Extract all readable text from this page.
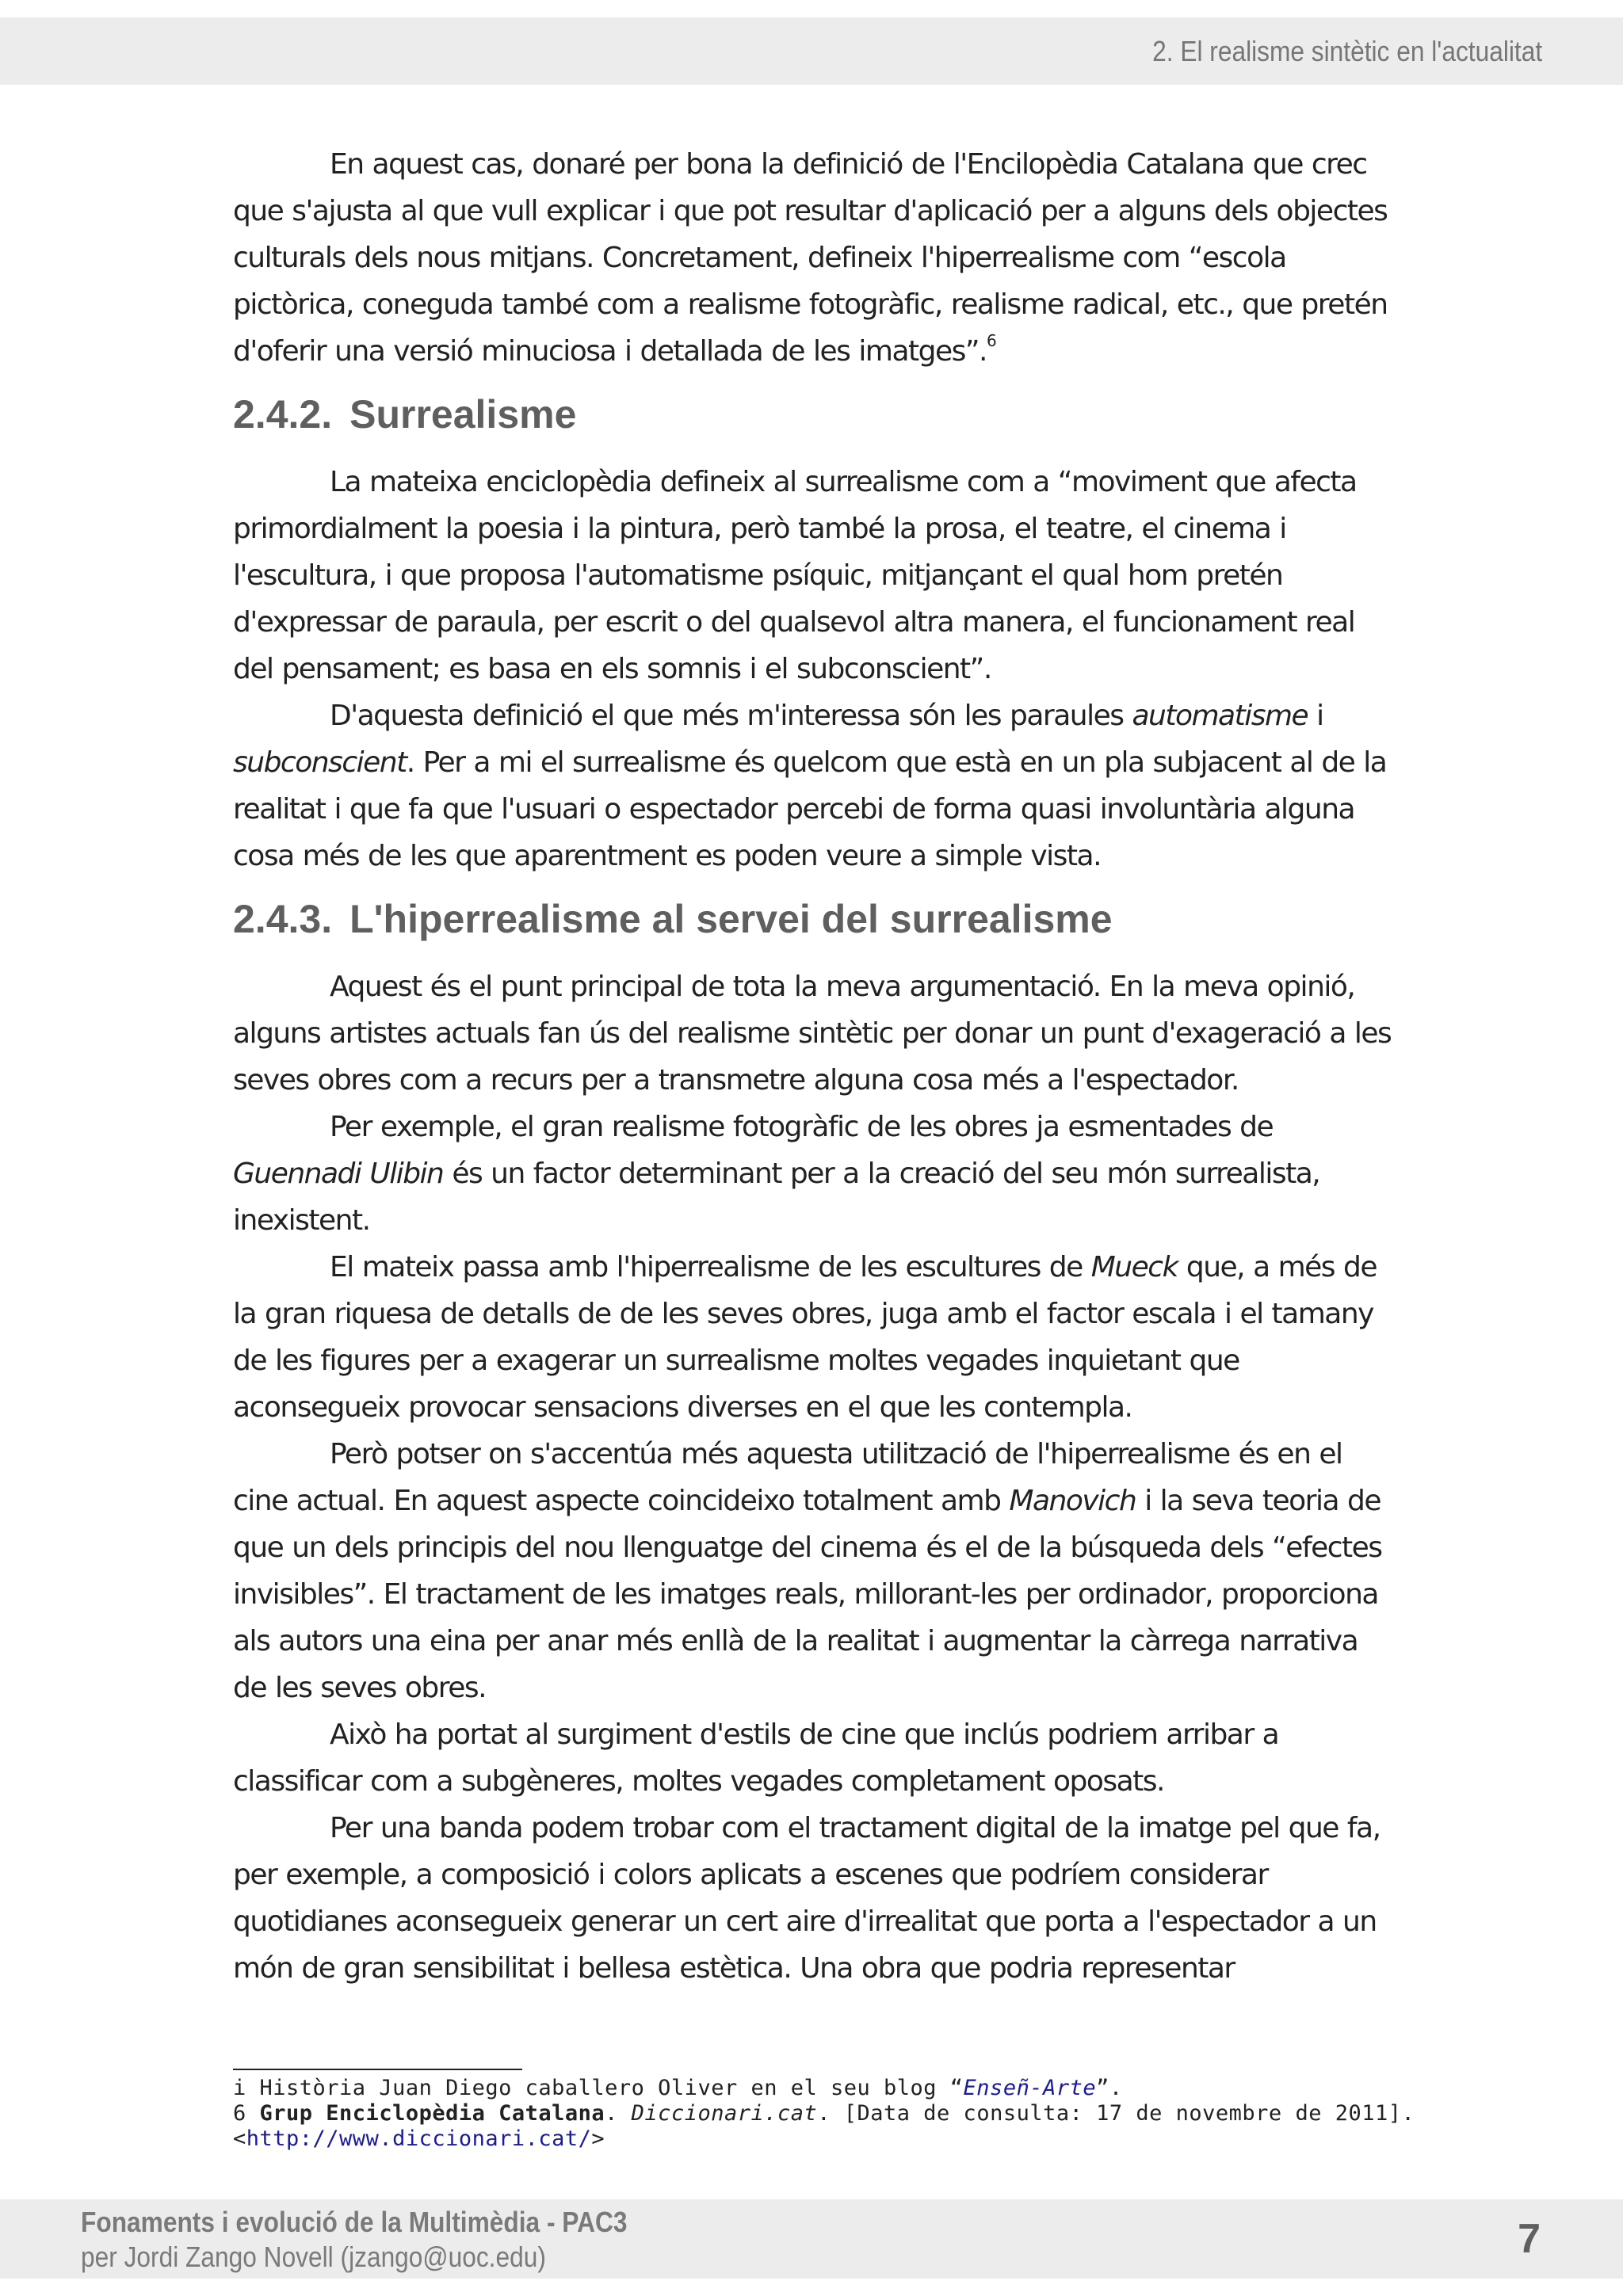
2. El realisme sintètic en l'actualitat

En aquest cas, donaré per bona la definició de l'Encilopèdia Catalana que crec que s'ajusta al que vull explicar i que pot resultar d'aplicació per a alguns dels objectes culturals dels nous mitjans. Concretament, defineix l'hiperrealisme com “escola pictòrica, coneguda també com a realisme fotogràfic, realisme radical, etc., que pretén d'oferir una versió minuciosa i detallada de les imatges”.$^6$

2.4.2. Surrealisme

La mateixa enciclopèdia defineix al surrealisme com a “moviment que afecta primordialment la poesia i la pintura, però també la prosa, el teatre, el cinema i l'escultura, i que proposa l'automatisme psíquic, mitjançant el qual hom pretén d'expressar de paraula, per escrit o del qualsevol altra manera, el funcionament real del pensament; es basa en els somnis i el subconscient”.

D'aquesta definició el que més m'interessa són les paraules automatisme i subconscient. Per a mi el surrealisme és quelcom que està en un pla subjacent al de la realitat i que fa que l'usuari o espectador percebi de forma quasi involuntària alguna cosa més de les que aparentment es poden veure a simple vista.

2.4.3. L'hiperrealisme al servei del surrealisme

Aquest és el punt principal de tota la meva argumentació. En la meva opinió, alguns artistes actuals fan ús del realisme sintètic per donar un punt d'exageració a les seves obres com a recurs per a transmetre alguna cosa més a l'espectador.

Per exemple, el gran realisme fotogràfic de les obres ja esmentades de Guennadi Ulibin és un factor determinant per a la creació del seu món surrealista, inexistent.

El mateix passa amb l'hiperrealisme de les escultures de Mueck que, a més de la gran riquesa de detalls de de les seves obres, juga amb el factor escala i el tamany de les figures per a exagerar un surrealisme moltes vegades inquietant que aconsegueix provocar sensacions diverses en el que les contempla.

Però potser on s'accentúa més aquesta utilització de l'hiperrealisme és en el cine actual. En aquest aspecte coincideixo totalment amb Manovich i la seva teoria de que un dels principis del nou llenguatge del cinema és el de la búsqueda dels “efectes invisibles”. El tractament de les imatges reals, millorant-les per ordinador, proporciona als autors una eina per anar més enllà de la realitat i augmentar la càrrega narrativa de les seves obres.

Això ha portat al surgiment d'estils de cine que inclús podriem arribar a classificar com a subgèneres, moltes vegades completament oposats.

Per una banda podem trobar com el tractament digital de la imatge pel que fa, per exemple, a composició i colors aplicats a escenes que podríem considerar quotidianes aconsegueix generar un cert aire d'irrealitat que porta a l'espectador a un món de gran sensibilitat i bellesa estètica. Una obra que podria representar

i Història Juan Diego caballero Oliver en el seu blog “Enseñ-Arte”.
6 Grup Enciclopèdia Catalana. Diccionari.cat. [Data de consulta: 17 de novembre de 2011].
<http://www.diccionari.cat/>
Fonaments i evolució de la Multimèdia - PAC3
per Jordi Zango Novell (jzango@uoc.edu)	7
